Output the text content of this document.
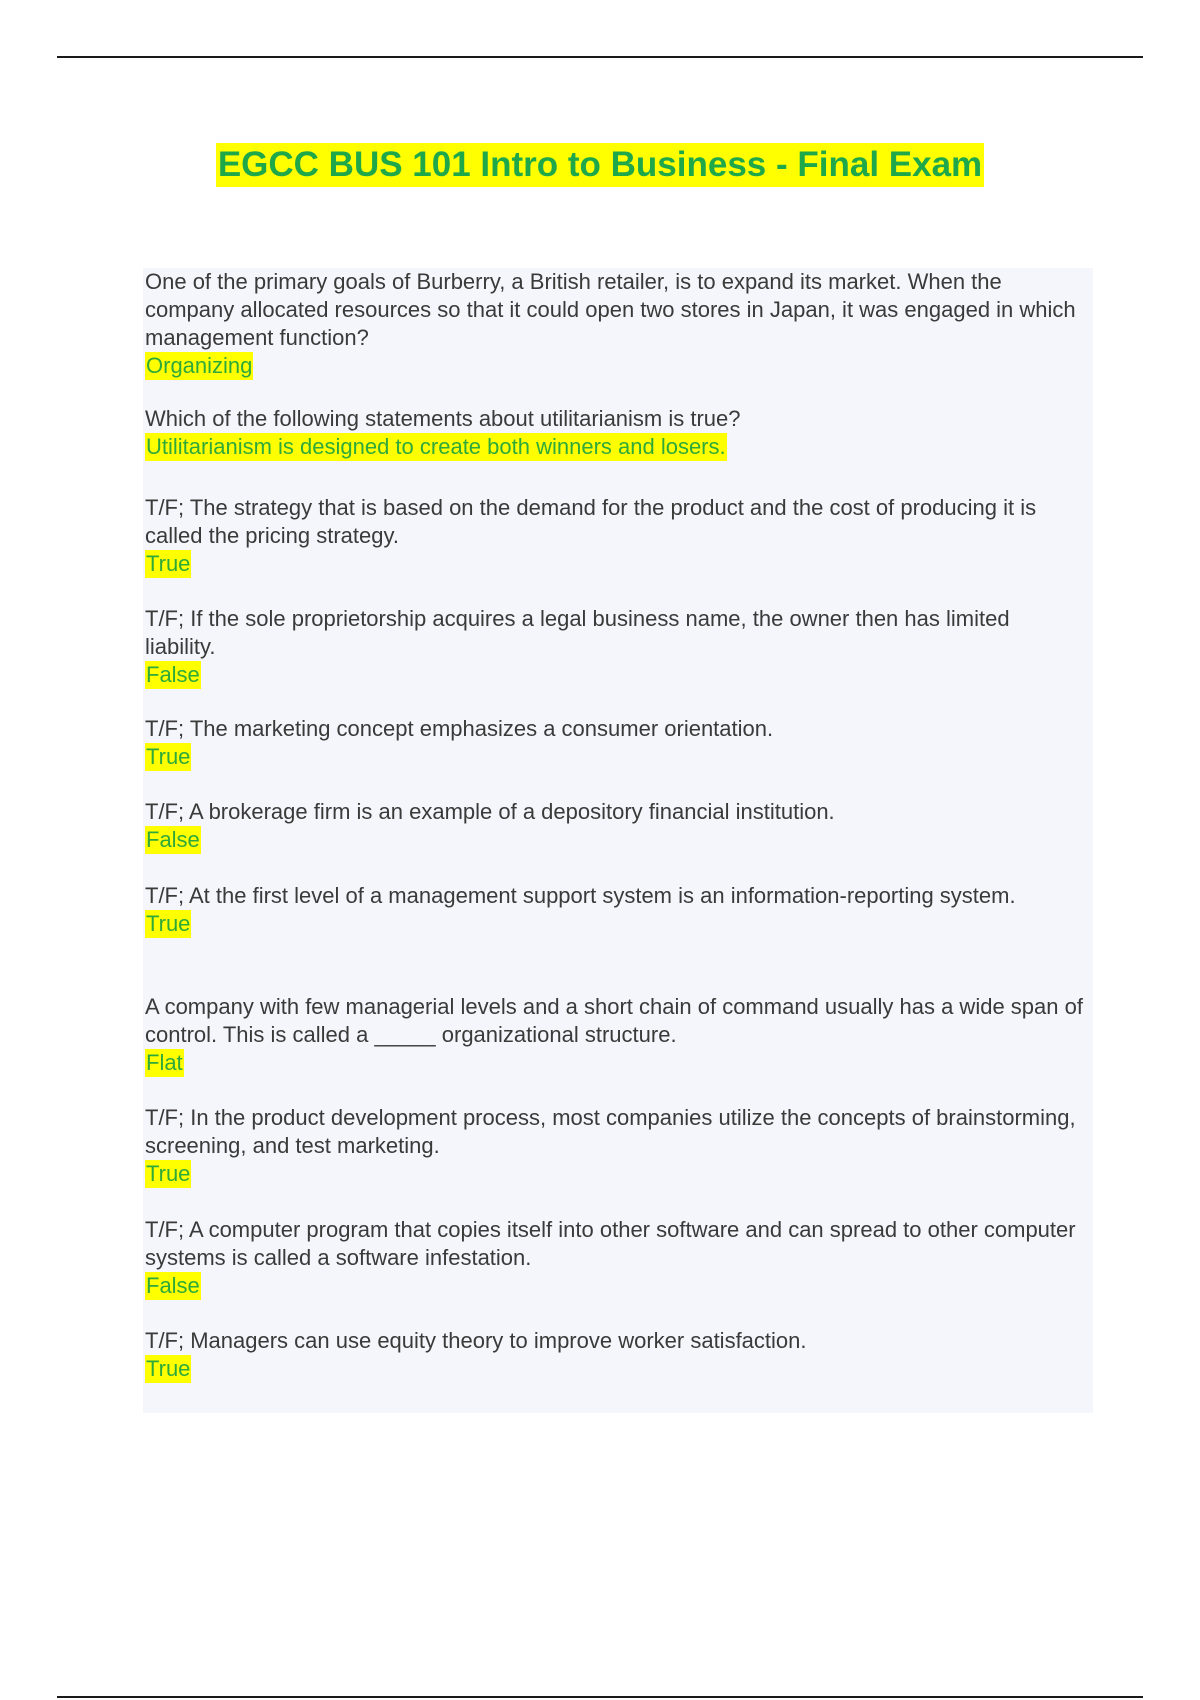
EGCC BUS 101 Intro to Business - Final Exam

One of the primary goals of Burberry, a British retailer, is to expand its market. When the company allocated resources so that it could open two stores in Japan, it was engaged in which management function?

Organizing

Which of the following statements about utilitarianism is true?

Utilitarianism is designed to create both winners and losers.

T/F; The strategy that is based on the demand for the product and the cost of producing it is called the pricing strategy.

True

T/F; If the sole proprietorship acquires a legal business name, the owner then has limited liability.

False

T/F; The marketing concept emphasizes a consumer orientation.

True

T/F; A brokerage firm is an example of a depository financial institution.

False

T/F; At the first level of a management support system is an information-reporting system.

True

A company with few managerial levels and a short chain of command usually has a wide span of control. This is called a _____ organizational structure.

Flat

T/F; In the product development process, most companies utilize the concepts of brainstorming, screening, and test marketing.

True

T/F; A computer program that copies itself into other software and can spread to other computer systems is called a software infestation.

False

T/F; Managers can use equity theory to improve worker satisfaction.

True
